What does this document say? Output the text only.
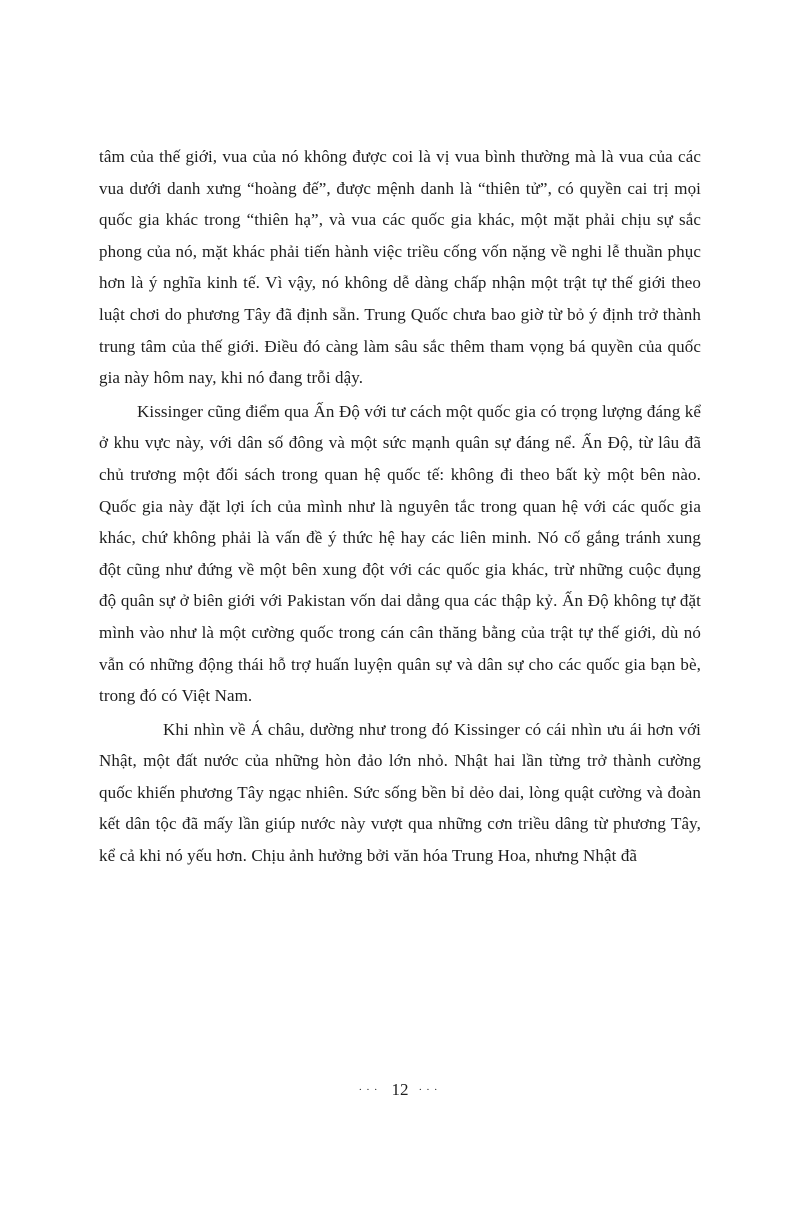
tâm của thế giới, vua của nó không được coi là vị vua bình thường mà là vua của các vua dưới danh xưng “hoàng đế”, được mệnh danh là “thiên tử”, có quyền cai trị mọi quốc gia khác trong “thiên hạ”, và vua các quốc gia khác, một mặt phải chịu sự sắc phong của nó, mặt khác phải tiến hành việc triều cống vốn nặng về nghi lễ thuần phục hơn là ý nghĩa kinh tế. Vì vậy, nó không dễ dàng chấp nhận một trật tự thế giới theo luật chơi do phương Tây đã định sẵn. Trung Quốc chưa bao giờ từ bỏ ý định trở thành trung tâm của thế giới. Điều đó càng làm sâu sắc thêm tham vọng bá quyền của quốc gia này hôm nay, khi nó đang trỗi dậy.

Kissinger cũng điểm qua Ấn Độ với tư cách một quốc gia có trọng lượng đáng kể ở khu vực này, với dân số đông và một sức mạnh quân sự đáng nể. Ấn Độ, từ lâu đã chủ trương một đối sách trong quan hệ quốc tế: không đi theo bất kỳ một bên nào. Quốc gia này đặt lợi ích của mình như là nguyên tắc trong quan hệ với các quốc gia khác, chứ không phải là vấn đề ý thức hệ hay các liên minh. Nó cố gắng tránh xung đột cũng như đứng về một bên xung đột với các quốc gia khác, trừ những cuộc đụng độ quân sự ở biên giới với Pakistan vốn dai dẳng qua các thập kỷ. Ấn Độ không tự đặt mình vào như là một cường quốc trong cán cân thăng bằng của trật tự thế giới, dù nó vẫn có những động thái hỗ trợ huấn luyện quân sự và dân sự cho các quốc gia bạn bè, trong đó có Việt Nam.

Khi nhìn về Á châu, dường như trong đó Kissinger có cái nhìn ưu ái hơn với Nhật, một đất nước của những hòn đảo lớn nhỏ. Nhật hai lần từng trở thành cường quốc khiến phương Tây ngạc nhiên. Sức sống bền bỉ dẻo dai, lòng quật cường và đoàn kết dân tộc đã mấy lần giúp nước này vượt qua những cơn triều dâng từ phương Tây, kể cả khi nó yếu hơn. Chịu ảnh hưởng bởi văn hóa Trung Hoa, nhưng Nhật đã

··· 12 ···
